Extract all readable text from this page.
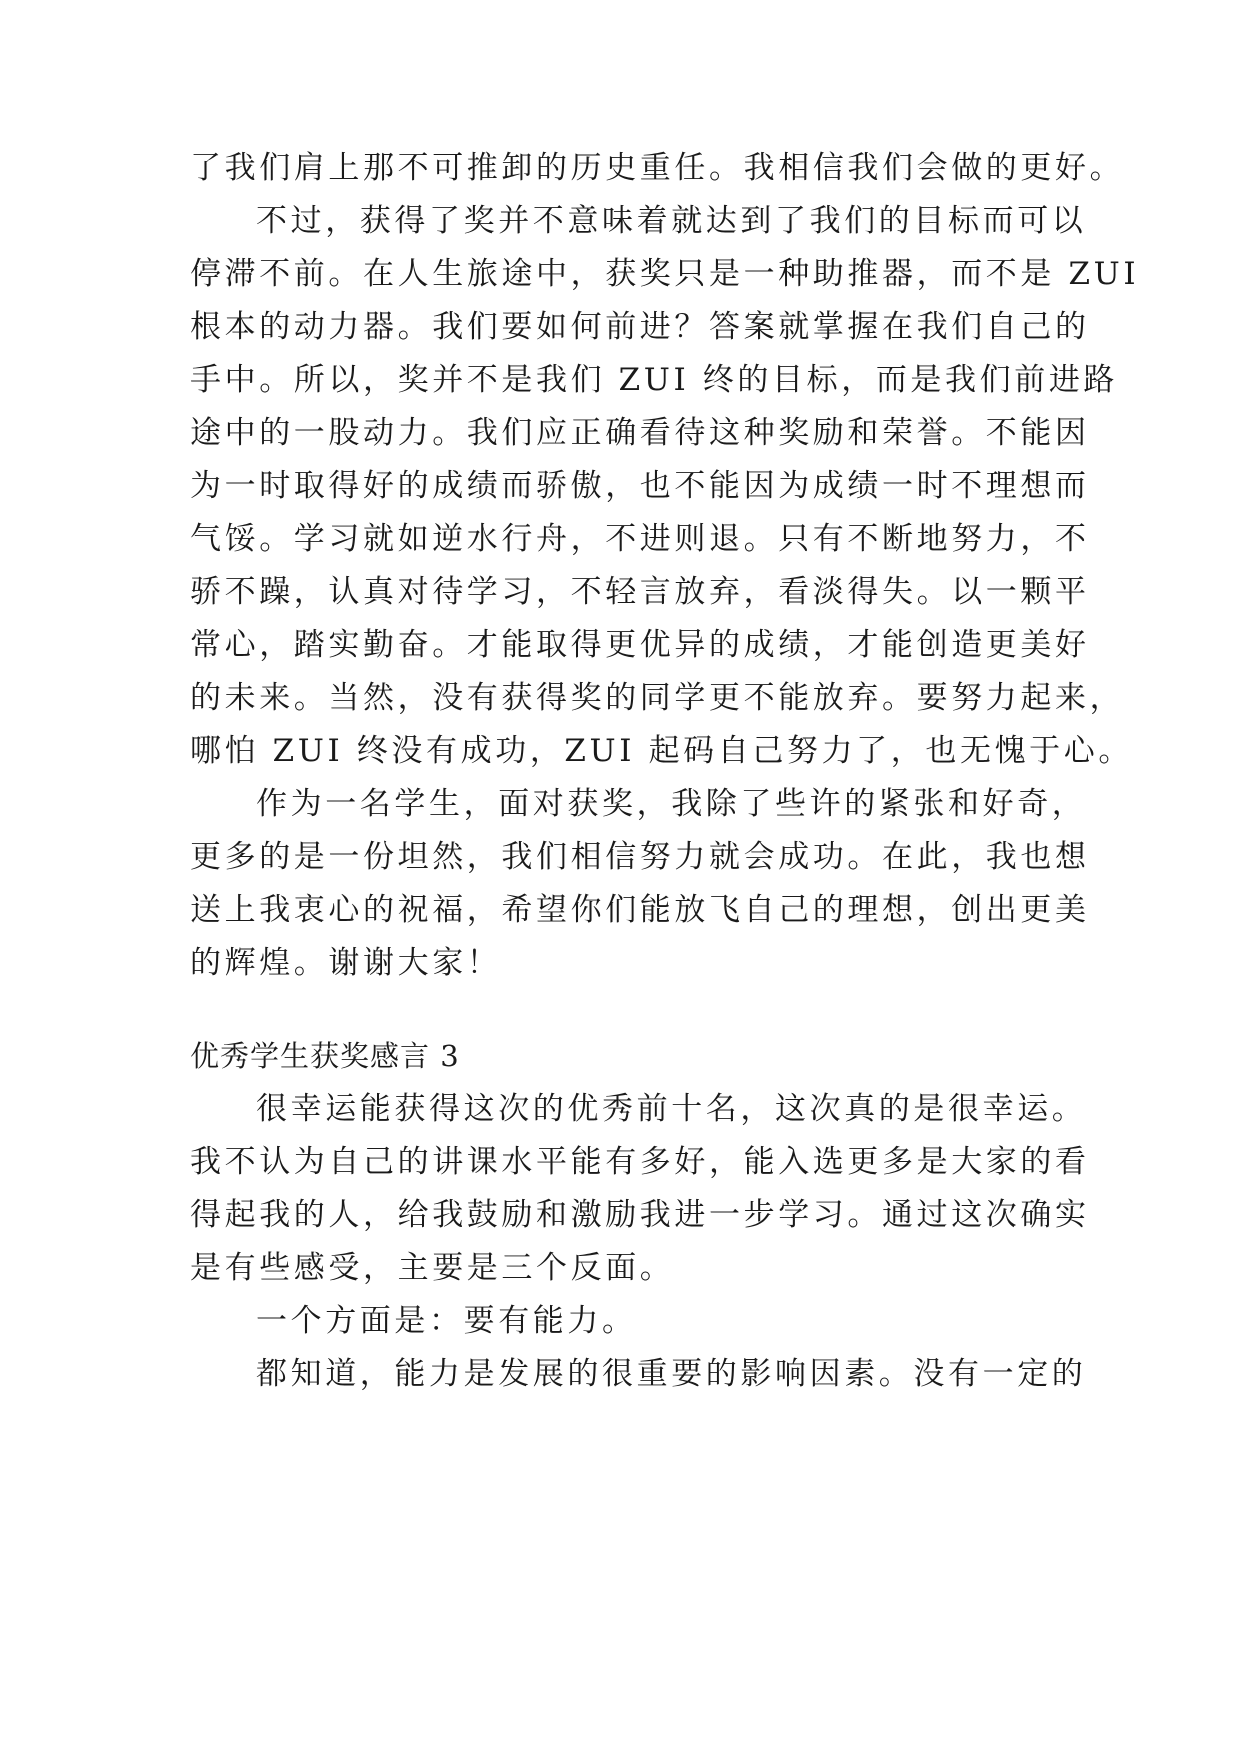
了我们肩上那不可推卸的历史重任。我相信我们会做的更好。
不过，获得了奖并不意味着就达到了我们的目标而可以
停滞不前。在人生旅途中，获奖只是一种助推器，而不是 ZUI
根本的动力器。我们要如何前进？答案就掌握在我们自己的
手中。所以，奖并不是我们 ZUI 终的目标，而是我们前进路
途中的一股动力。我们应正确看待这种奖励和荣誉。不能因
为一时取得好的成绩而骄傲，也不能因为成绩一时不理想而
气馁。学习就如逆水行舟，不进则退。只有不断地努力，不
骄不躁，认真对待学习，不轻言放弃，看淡得失。以一颗平
常心，踏实勤奋。才能取得更优异的成绩，才能创造更美好
的未来。当然，没有获得奖的同学更不能放弃。要努力起来，
哪怕 ZUI 终没有成功，ZUI 起码自己努力了，也无愧于心。
作为一名学生，面对获奖，我除了些许的紧张和好奇，
更多的是一份坦然，我们相信努力就会成功。在此，我也想
送上我衷心的祝福，希望你们能放飞自己的理想，创出更美
的辉煌。谢谢大家！
优秀学生获奖感言 3
很幸运能获得这次的优秀前十名，这次真的是很幸运。
我不认为自己的讲课水平能有多好，能入选更多是大家的看
得起我的人，给我鼓励和激励我进一步学习。通过这次确实
是有些感受，主要是三个反面。
一个方面是：要有能力。
都知道，能力是发展的很重要的影响因素。没有一定的
